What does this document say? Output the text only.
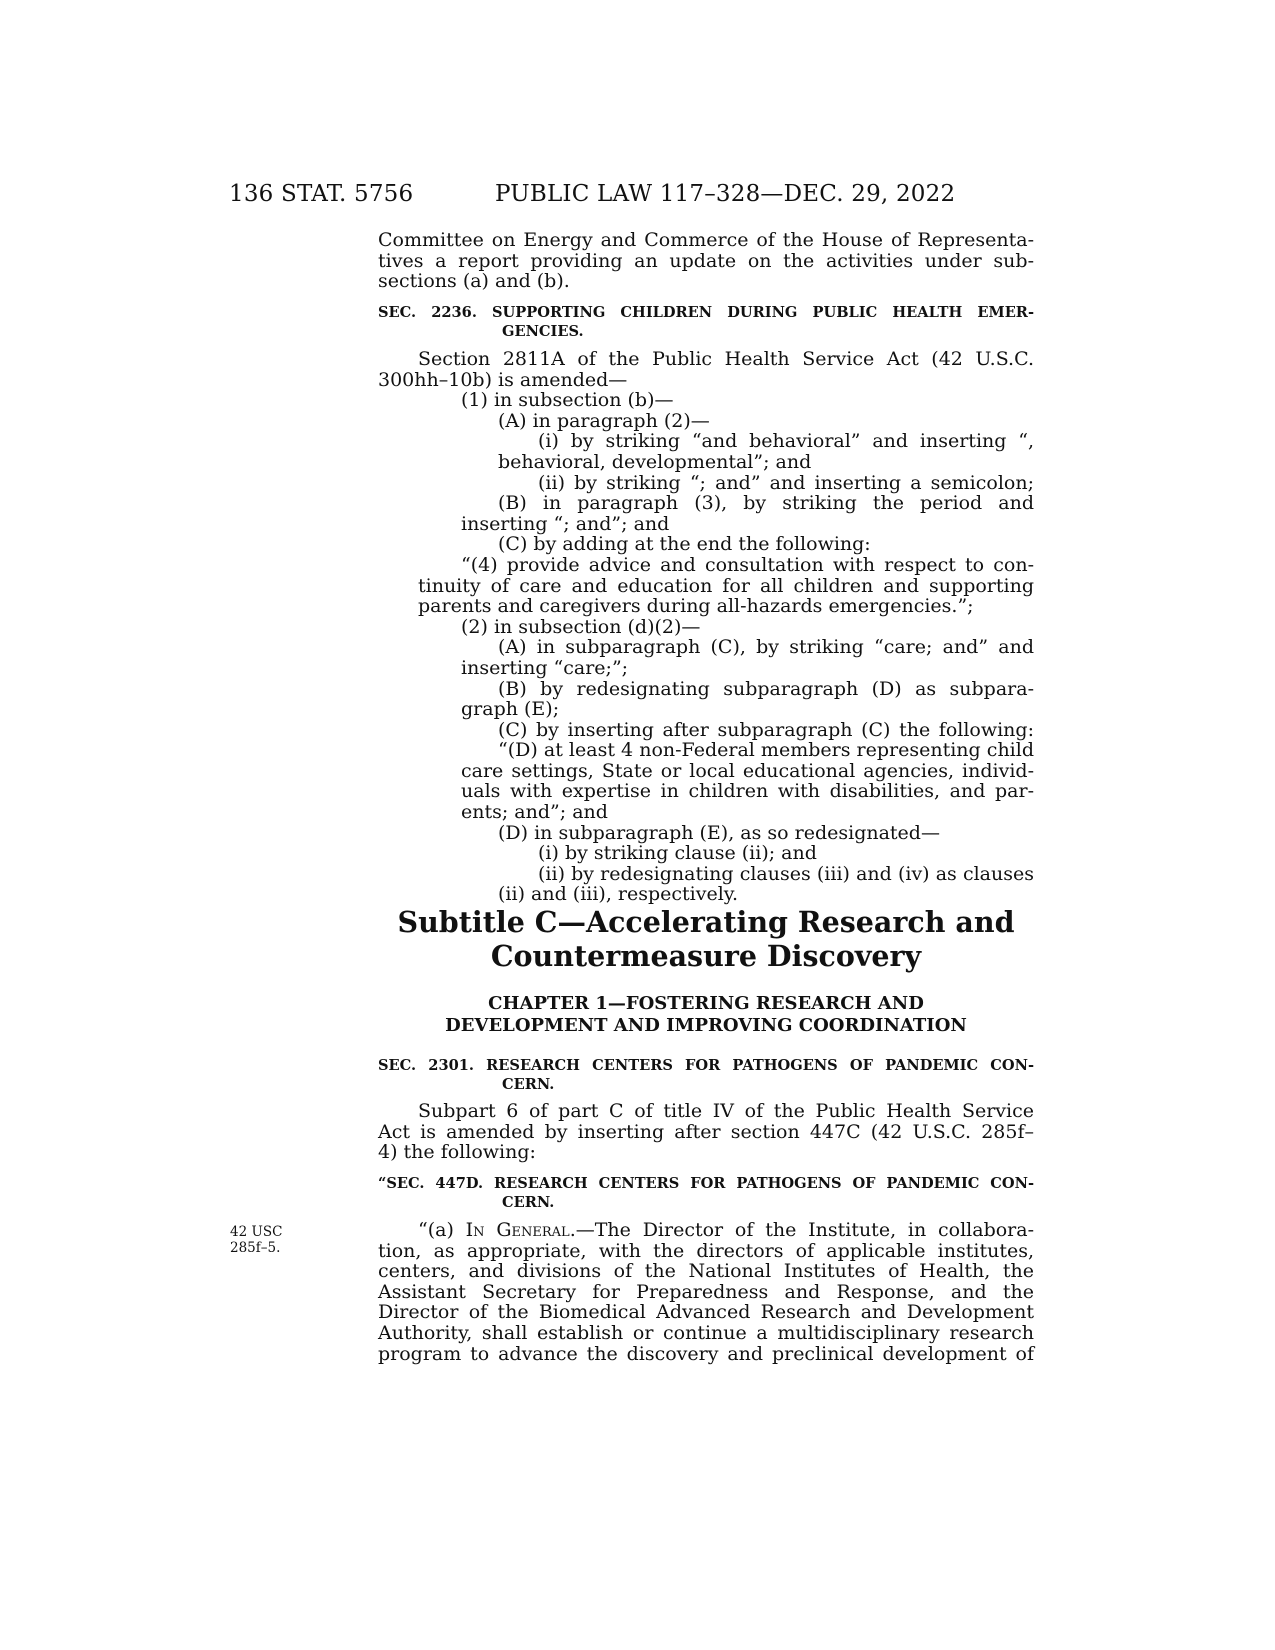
136 STAT. 5756	PUBLIC LAW 117–328—DEC. 29, 2022
Committee on Energy and Commerce of the House of Representa-
tives a report providing an update on the activities under sub-
sections (a) and (b).
SEC. 2236. SUPPORTING CHILDREN DURING PUBLIC HEALTH EMER-
GENCIES.
Section 2811A of the Public Health Service Act (42 U.S.C.
300hh–10b) is amended—
(1) in subsection (b)—
(A) in paragraph (2)—
(i) by striking “and behavioral” and inserting “,
behavioral, developmental”; and
(ii) by striking “; and” and inserting a semicolon;
(B) in paragraph (3), by striking the period and
inserting “; and”; and
(C) by adding at the end the following:
“(4) provide advice and consultation with respect to con-
tinuity of care and education for all children and supporting
parents and caregivers during all-hazards emergencies.”;
(2) in subsection (d)(2)—
(A) in subparagraph (C), by striking “care; and” and
inserting “care;”;
(B) by redesignating subparagraph (D) as subpara-
graph (E);
(C) by inserting after subparagraph (C) the following:
“(D) at least 4 non-Federal members representing child
care settings, State or local educational agencies, individ-
uals with expertise in children with disabilities, and par-
ents; and”; and
(D) in subparagraph (E), as so redesignated—
(i) by striking clause (ii); and
(ii) by redesignating clauses (iii) and (iv) as clauses
(ii) and (iii), respectively.
Subtitle C—Accelerating Research and
Countermeasure Discovery
CHAPTER 1—FOSTERING RESEARCH AND
DEVELOPMENT AND IMPROVING COORDINATION
SEC. 2301. RESEARCH CENTERS FOR PATHOGENS OF PANDEMIC CON-
CERN.
Subpart 6 of part C of title IV of the Public Health Service
Act is amended by inserting after section 447C (42 U.S.C. 285f–
4) the following:
42 USC
285f–5.
“SEC. 447D. RESEARCH CENTERS FOR PATHOGENS OF PANDEMIC CON-
CERN.
“(a) In General.—The Director of the Institute, in collabora-
tion, as appropriate, with the directors of applicable institutes,
centers, and divisions of the National Institutes of Health, the
Assistant Secretary for Preparedness and Response, and the
Director of the Biomedical Advanced Research and Development
Authority, shall establish or continue a multidisciplinary research
program to advance the discovery and preclinical development of
